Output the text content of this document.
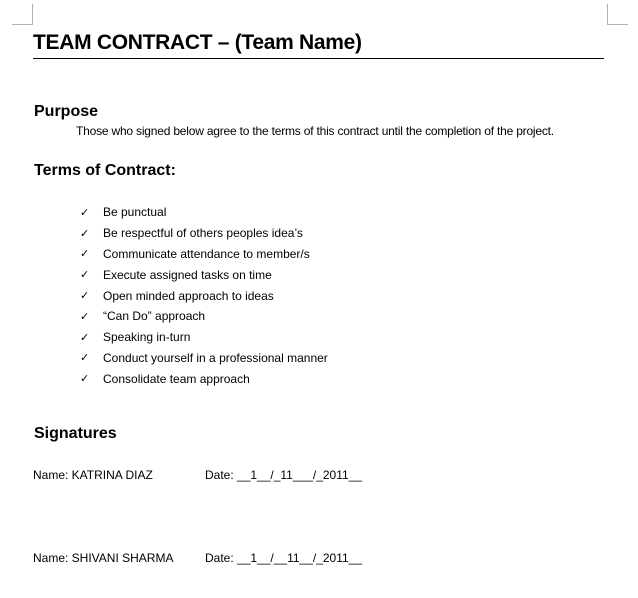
TEAM CONTRACT – (Team Name)
Purpose
Those who signed below agree to the terms of this contract until the completion of the project.
Terms of Contract:
✓	Be punctual
✓	Be respectful of others peoples idea’s
✓	Communicate attendance to member/s
✓	Execute assigned tasks on time
✓	Open minded approach to ideas
✓	“Can Do” approach
✓	Speaking in-turn
✓	Conduct yourself in a professional manner
✓	Consolidate team approach
Signatures
Name: KATRINA DIAZ	Date: __1__/_11___/_2011__
Name: SHIVANI SHARMA	Date: __1__/__11__/_2011__
